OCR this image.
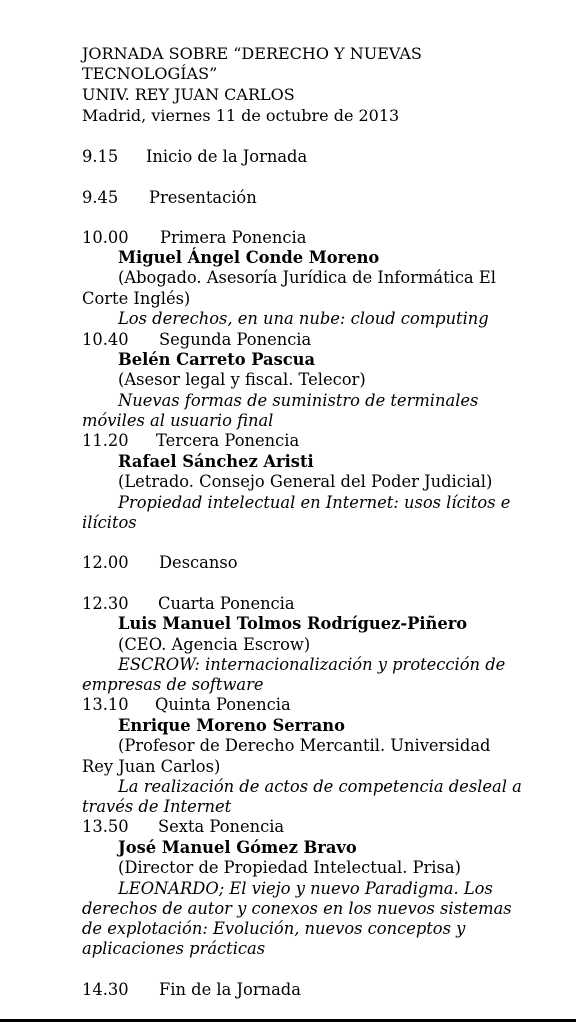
JORNADA SOBRE “DERECHO Y NUEVAS
TECNOLOGÍAS”
UNIV. REY JUAN CARLOS
Madrid, viernes 11 de octubre de 2013
9.15 Inicio de la Jornada
9.45 Presentación
10.00 Primera Ponencia
Miguel Ángel Conde Moreno
(Abogado. Asesoría Jurídica de Informática El
Corte Inglés)
Los derechos, en una nube: cloud computing
10.40 Segunda Ponencia
Belén Carreto Pascua
(Asesor legal y fiscal. Telecor)
Nuevas formas de suministro de terminales
móviles al usuario final
11.20 Tercera Ponencia
Rafael Sánchez Aristi
(Letrado. Consejo General del Poder Judicial)
Propiedad intelectual en Internet: usos lícitos e
ilícitos
12.00 Descanso
12.30 Cuarta Ponencia
Luis Manuel Tolmos Rodríguez-Piñero
(CEO. Agencia Escrow)
ESCROW: internacionalización y protección de
empresas de software
13.10 Quinta Ponencia
Enrique Moreno Serrano
(Profesor de Derecho Mercantil. Universidad
Rey Juan Carlos)
La realización de actos de competencia desleal a
través de Internet
13.50 Sexta Ponencia
José Manuel Gómez Bravo
(Director de Propiedad Intelectual. Prisa)
LEONARDO; El viejo y nuevo Paradigma. Los
derechos de autor y conexos en los nuevos sistemas
de explotación: Evolución, nuevos conceptos y
aplicaciones prácticas
14.30 Fin de la Jornada
